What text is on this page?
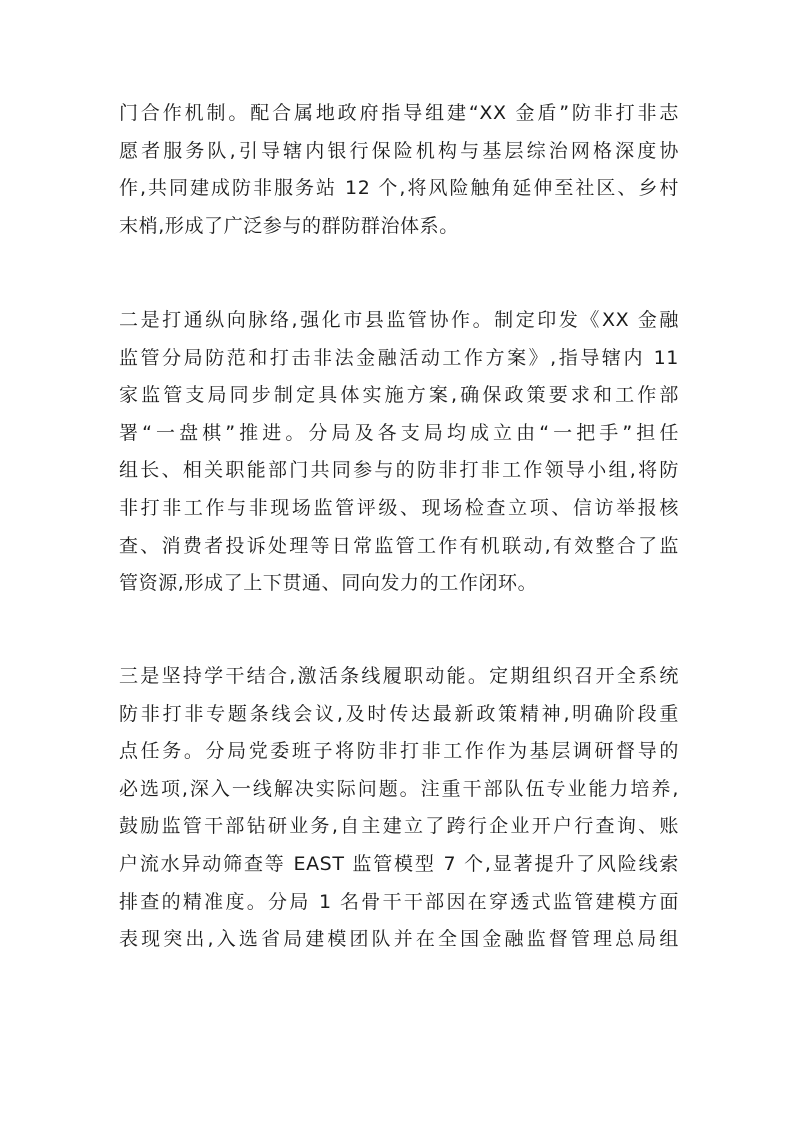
门合作机制。配合属地政府指导组建“XX 金盾”防非打非志
愿者服务队,引导辖内银行保险机构与基层综治网格深度协
作,共同建成防非服务站 12 个,将风险触角延伸至社区、乡村
末梢,形成了广泛参与的群防群治体系。
二是打通纵向脉络,强化市县监管协作。制定印发《XX 金融
监管分局防范和打击非法金融活动工作方案》,指导辖内 11
家监管支局同步制定具体实施方案,确保政策要求和工作部
署“一盘棋”推进。分局及各支局均成立由“一把手”担任
组长、相关职能部门共同参与的防非打非工作领导小组,将防
非打非工作与非现场监管评级、现场检查立项、信访举报核
查、消费者投诉处理等日常监管工作有机联动,有效整合了监
管资源,形成了上下贯通、同向发力的工作闭环。
三是坚持学干结合,激活条线履职动能。定期组织召开全系统
防非打非专题条线会议,及时传达最新政策精神,明确阶段重
点任务。分局党委班子将防非打非工作作为基层调研督导的
必选项,深入一线解决实际问题。注重干部队伍专业能力培养,
鼓励监管干部钻研业务,自主建立了跨行企业开户行查询、账
户流水异动筛查等 EAST 监管模型 7 个,显著提升了风险线索
排查的精准度。分局 1 名骨干干部因在穿透式监管建模方面
表现突出,入选省局建模团队并在全国金融监督管理总局组
